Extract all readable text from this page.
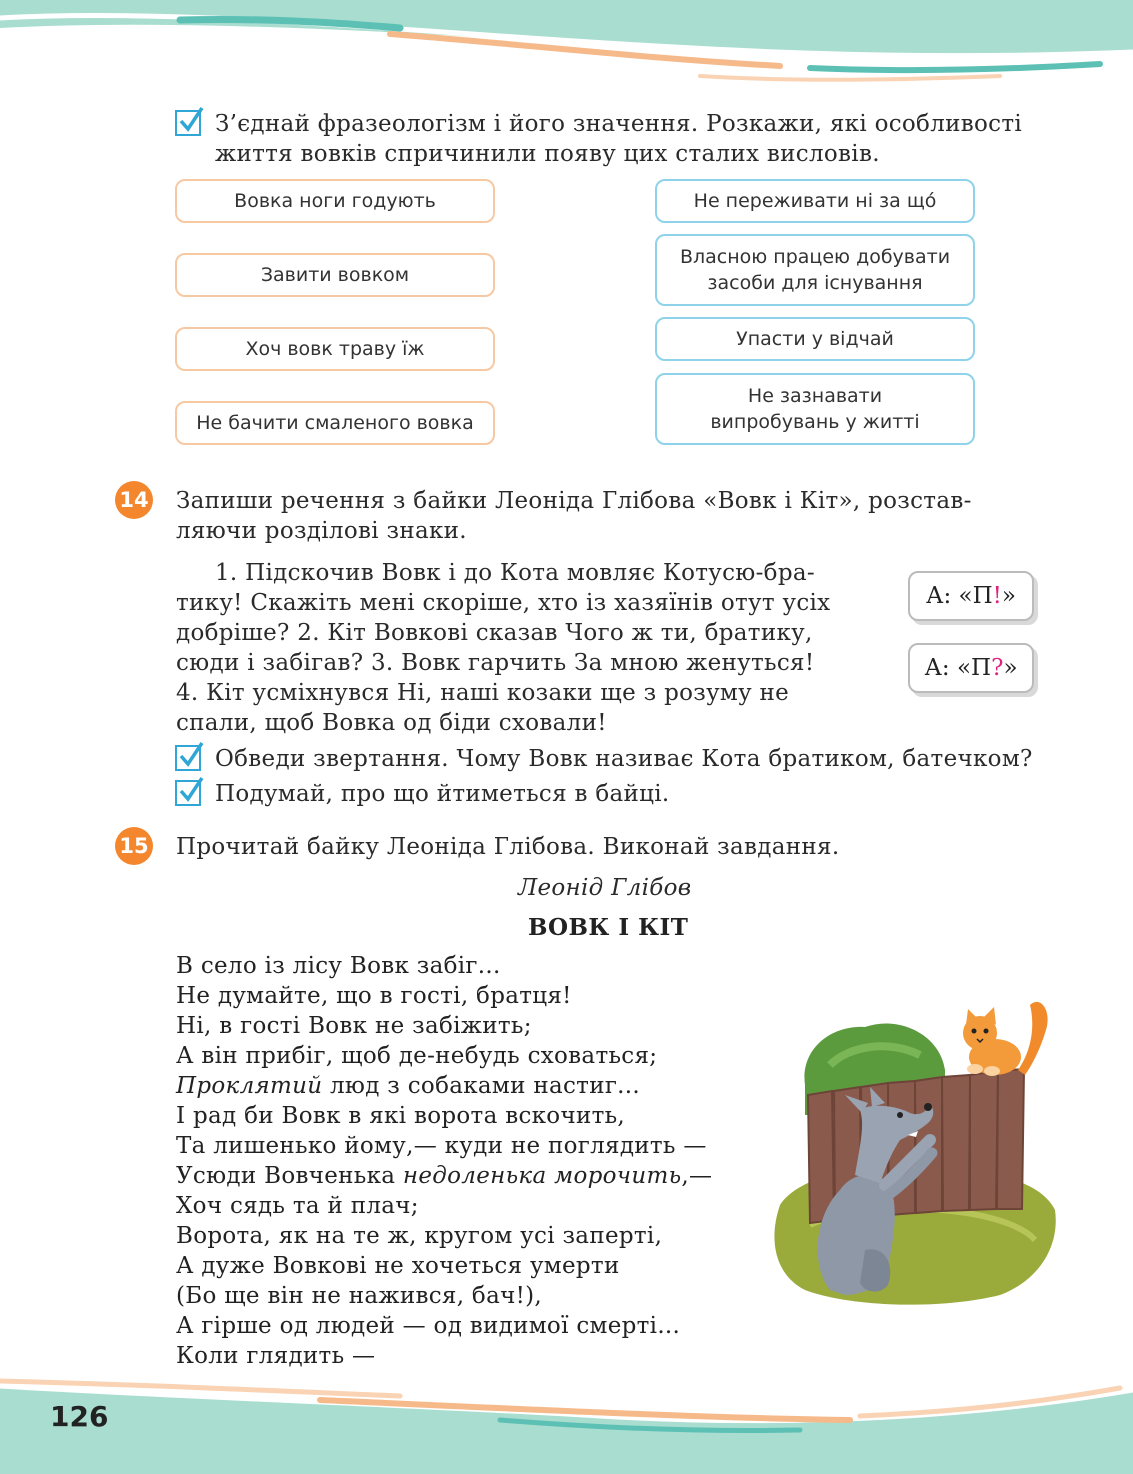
З’єднай фразеологізм і його значення. Розкажи, які особливості
життя вовків спричинили появу цих сталих висловів.
Вовка ноги годують
Завити вовком
Хоч вовк траву їж
Не бачити смаленого вовка
Не переживати ні за щó
Власною працею добувати засоби для існування
Упасти у відчай
Не зазнавати випробувань у житті
14 Запиши речення з байки Леоніда Глібова «Вовк і Кіт», розстав-
ляючи розділові знаки.
1. Підскочив Вовк і до Кота мовляє Котусю-бра-
тику! Скажіть мені скоріше, хто із хазяїнів отут усіх
добріше? 2. Кіт Вовкові сказав Чого ж ти, братику,
сюди і забігав? 3. Вовк гарчить За мною женуться!
4. Кіт усміхнувся Ні, наші козаки ще з розуму не
спали, щоб Вовка од біди сховали!
А: «П ! »
А: «П ? »
Обведи звертання. Чому Вовк називає Кота братиком, батечком?
Подумай, про що йтиметься в байці.
15 Прочитай байку Леоніда Глібова. Виконай завдання.
Леонід Глібов
ВОВК І КІТ
В село із лісу Вовк забіг...
Не думайте, що в гості, братця!
Ні, в гості Вовк не забіжить;
А він прибіг, щоб де-небудь сховаться;
Проклятий люд з собаками настиг...
І рад би Вовк в які ворота вскочить,
Та лишенько йому,— куди не поглядить —
Усюди Вовченька недоленька морочить,—
Хоч сядь та й плач;
Ворота, як на те ж, кругом усі заперті,
А дуже Вовкові не хочеться умерти
(Бо ще він не нажився, бач!),
А гірше од людей — од видимої смерті...
Коли глядить —
126
